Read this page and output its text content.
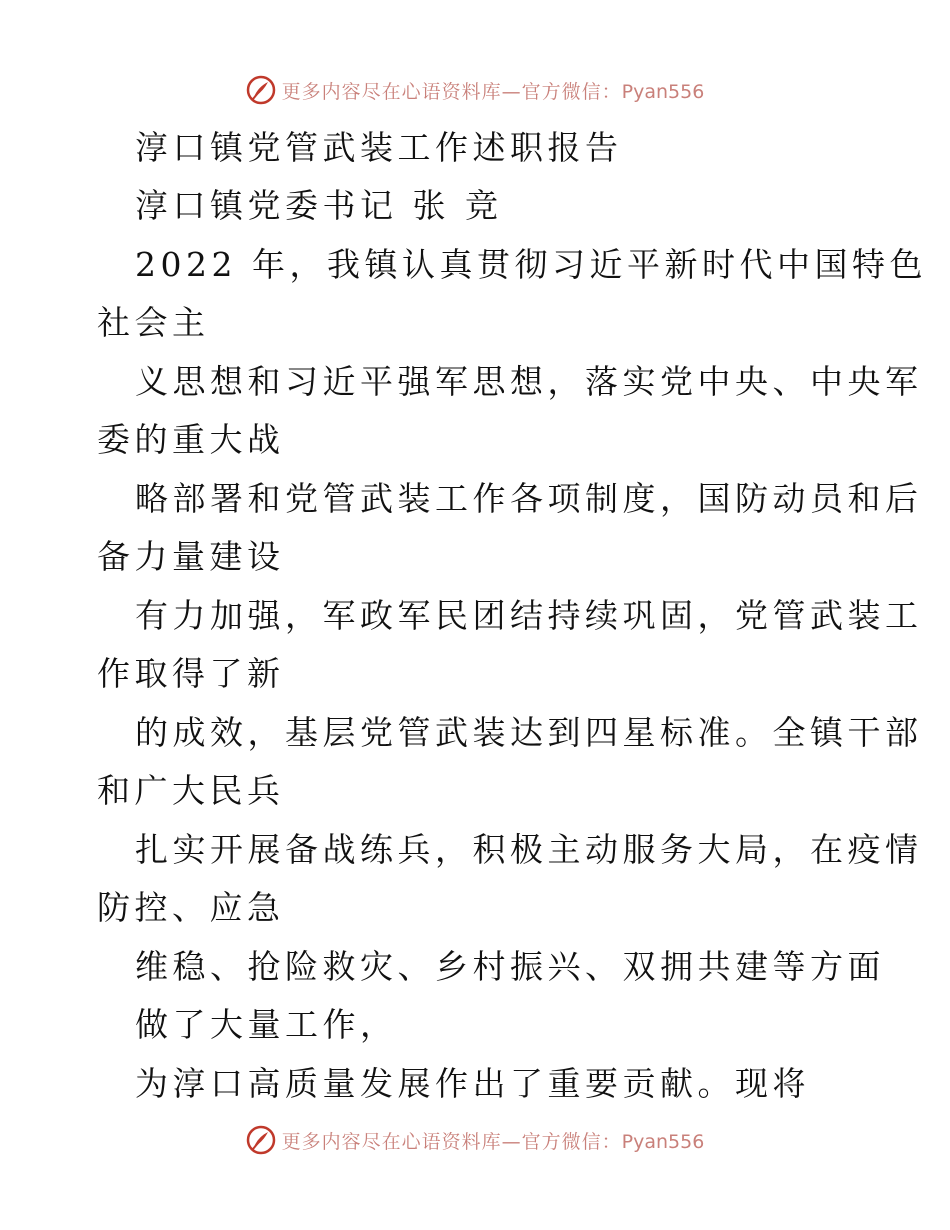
更多内容尽在心语资料库—官方微信：Pyan556
淳口镇党管武装工作述职报告
淳口镇党委书记 张 竞
2022 年，我镇认真贯彻习近平新时代中国特色
社会主
义思想和习近平强军思想，落实党中央、中央军
委的重大战
略部署和党管武装工作各项制度，国防动员和后
备力量建设
有力加强，军政军民团结持续巩固，党管武装工
作取得了新
的成效，基层党管武装达到四星标准。全镇干部
和广大民兵
扎实开展备战练兵，积极主动服务大局，在疫情
防控、应急
维稳、抢险救灾、乡村振兴、双拥共建等方面
做了大量工作，
为淳口高质量发展作出了重要贡献。现将
更多内容尽在心语资料库—官方微信：Pyan556
